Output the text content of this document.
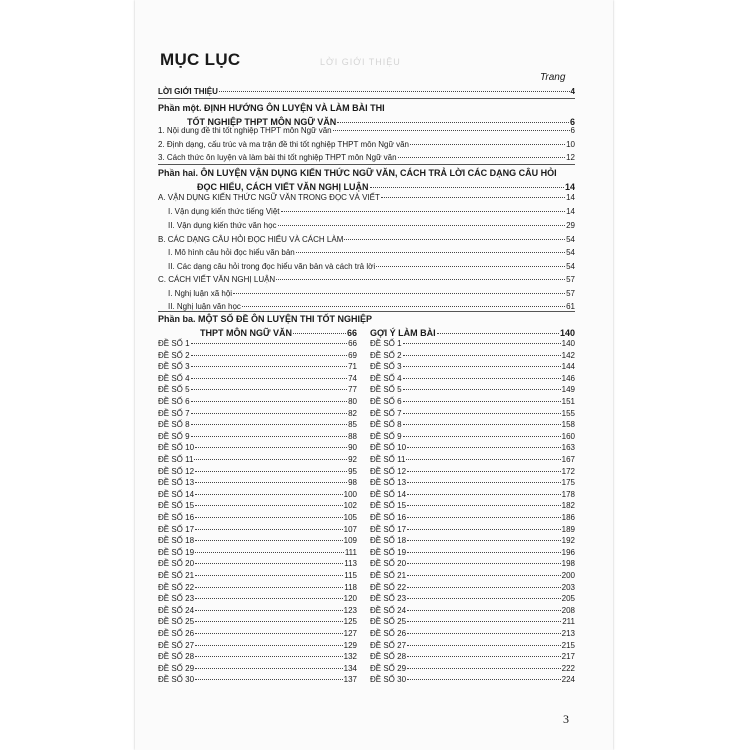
LỜI GIỚI THIỆU
MỤC LỤC
Trang
LỜI GIỚI THIỆU	4
Phần một. ĐỊNH HƯỚNG ÔN LUYỆN VÀ LÀM BÀI THI
TỐT NGHIỆP THPT MÔN NGỮ VĂN	6
1. Nội dung đề thi tốt nghiệp THPT môn Ngữ văn	6
2. Định dạng, cấu trúc và ma trận đề thi tốt nghiệp THPT môn Ngữ văn	10
3. Cách thức ôn luyện và làm bài thi tốt nghiệp THPT môn Ngữ văn	12
Phần hai. ÔN LUYỆN VẬN DỤNG KIẾN THỨC NGỮ VĂN, CÁCH TRẢ LỜI CÁC DẠNG CÂU HỎI
ĐỌC HIỂU, CÁCH VIẾT VĂN NGHỊ LUẬN	14
A. VẬN DỤNG KIẾN THỨC NGỮ VĂN TRONG ĐỌC VÀ VIẾT	14
I. Vận dụng kiến thức tiếng Việt	14
II. Vận dụng kiến thức văn học	29
B. CÁC DẠNG CÂU HỎI ĐỌC HIỂU VÀ CÁCH LÀM	54
I. Mô hình câu hỏi đọc hiểu văn bản	54
II. Các dạng câu hỏi trong đọc hiểu văn bản và cách trả lời	54
C. CÁCH VIẾT VĂN NGHỊ LUẬN	57
I. Nghị luận xã hội	57
II. Nghị luận văn học	61
Phần ba. MỘT SỐ ĐỀ ÔN LUYỆN THI TỐT NGHIỆP
THPT MÔN NGỮ VĂN	66 GỢI Ý LÀM BÀI	140
ĐỀ SỐ 1	66
ĐỀ SỐ 2	69
ĐỀ SỐ 3	71
ĐỀ SỐ 4	74
ĐỀ SỐ 5	77
ĐỀ SỐ 6	80
ĐỀ SỐ 7	82
ĐỀ SỐ 8	85
ĐỀ SỐ 9	88
ĐỀ SỐ 10	90
ĐỀ SỐ 11	92
ĐỀ SỐ 12	95
ĐỀ SỐ 13	98
ĐỀ SỐ 14	100
ĐỀ SỐ 15	102
ĐỀ SỐ 16	105
ĐỀ SỐ 17	107
ĐỀ SỐ 18	109
ĐỀ SỐ 19	111
ĐỀ SỐ 20	113
ĐỀ SỐ 21	115
ĐỀ SỐ 22	118
ĐỀ SỐ 23	120
ĐỀ SỐ 24	123
ĐỀ SỐ 25	125
ĐỀ SỐ 26	127
ĐỀ SỐ 27	129
ĐỀ SỐ 28	132
ĐỀ SỐ 29	134
ĐỀ SỐ 30	137
ĐỀ SỐ 1	140
ĐỀ SỐ 2	142
ĐỀ SỐ 3	144
ĐỀ SỐ 4	146
ĐỀ SỐ 5	149
ĐỀ SỐ 6	151
ĐỀ SỐ 7	155
ĐỀ SỐ 8	158
ĐỀ SỐ 9	160
ĐỀ SỐ 10	163
ĐỀ SỐ 11	167
ĐỀ SỐ 12	172
ĐỀ SỐ 13	175
ĐỀ SỐ 14	178
ĐỀ SỐ 15	182
ĐỀ SỐ 16	186
ĐỀ SỐ 17	189
ĐỀ SỐ 18	192
ĐỀ SỐ 19	196
ĐỀ SỐ 20	198
ĐỀ SỐ 21	200
ĐỀ SỐ 22	203
ĐỀ SỐ 23	205
ĐỀ SỐ 24	208
ĐỀ SỐ 25	211
ĐỀ SỐ 26	213
ĐỀ SỐ 27	215
ĐỀ SỐ 28	217
ĐỀ SỐ 29	222
ĐỀ SỐ 30	224
3
